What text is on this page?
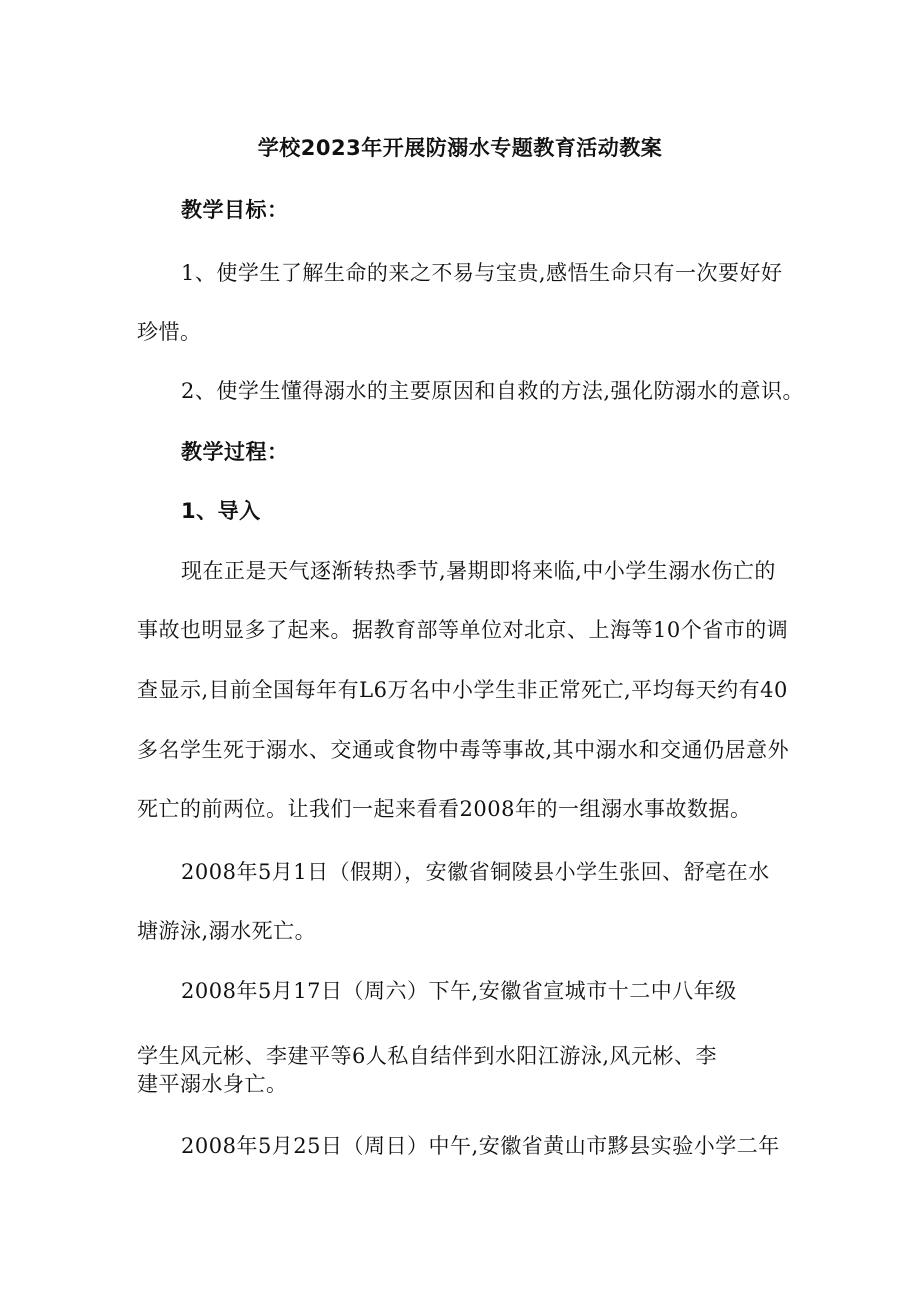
学校2023年开展防溺水专题教育活动教案
教学目标：
1、使学生了解生命的来之不易与宝贵,感悟生命只有一次要好好
珍惜。
2、使学生懂得溺水的主要原因和自救的方法,强化防溺水的意识。
教学过程：
1、导入
现在正是天气逐渐转热季节,暑期即将来临,中小学生溺水伤亡的
事故也明显多了起来。据教育部等单位对北京、上海等10个省市的调
查显示,目前全国每年有L6万名中小学生非正常死亡,平均每天约有40
多名学生死于溺水、交通或食物中毒等事故,其中溺水和交通仍居意外
死亡的前两位。让我们一起来看看2008年的一组溺水事故数据。
2008年5月1日（假期），安徽省铜陵县小学生张回、舒亳在水
塘游泳,溺水死亡。
2008年5月17日（周六）下午,安徽省宣城市十二中八年级
学生风元彬、李建平等6人私自结伴到水阳江游泳,风元彬、李
建平溺水身亡。
2008年5月25日（周日）中午,安徽省黄山市黟县实验小学二年
